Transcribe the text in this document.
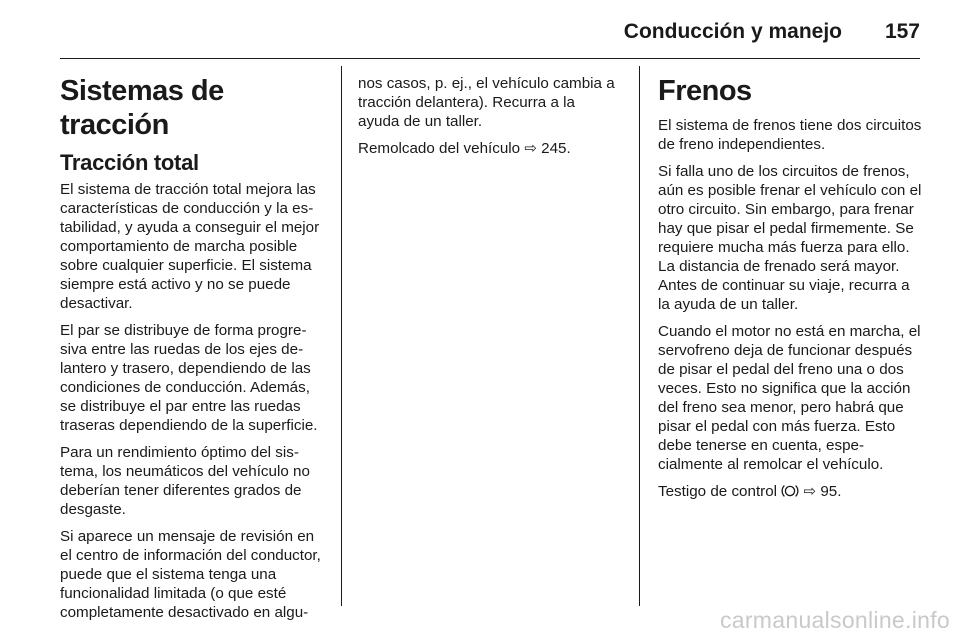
Conducción y manejo 157
Sistemas de tracción
Tracción total

El sistema de tracción total mejora las características de conducción y la estabilidad, y ayuda a conseguir el mejor comportamiento de marcha posible sobre cualquier superficie. El sistema siempre está activo y no se puede desactivar.

El par se distribuye de forma progresiva entre las ruedas de los ejes delantero y trasero, dependiendo de las condiciones de conducción. Además, se distribuye el par entre las ruedas traseras dependiendo de la superficie.

Para un rendimiento óptimo del sistema, los neumáticos del vehículo no deberían tener diferentes grados de desgaste.

Si aparece un mensaje de revisión en el centro de información del conductor, puede que el sistema tenga una funcionalidad limitada (o que esté completamente desactivado en algu-

nos casos, p. ej., el vehículo cambia a tracción delantera). Recurra a la ayuda de un taller.

Remolcado del vehículo ⇨ 245.

Frenos

El sistema de frenos tiene dos circuitos de freno independientes.

Si falla uno de los circuitos de frenos, aún es posible frenar el vehículo con el otro circuito. Sin embargo, para frenar hay que pisar el pedal firmemente. Se requiere mucha más fuerza para ello. La distancia de frenado será mayor. Antes de continuar su viaje, recurra a la ayuda de un taller.

Cuando el motor no está en marcha, el servofreno deja de funcionar después de pisar el pedal del freno una o dos veces. Esto no significa que la acción del freno sea menor, pero habrá que pisar el pedal con más fuerza. Esto debe tenerse en cuenta, especialmente al remolcar el vehículo.

Testigo de control ⇨ 95.

carmanualsonline.info
